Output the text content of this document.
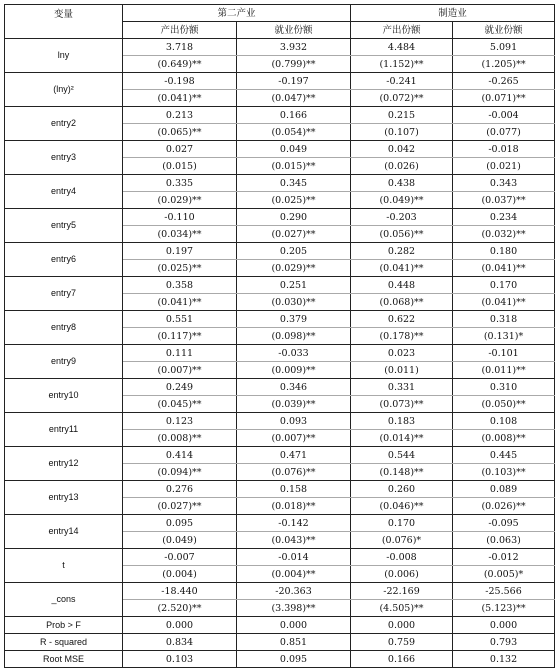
变量	第二产业		制造业	
	产出份额	就业份额	产出份额	就业份额
lny	3.718	3.932	4.484	5.091
	(0.649)**	(0.799)**	(1.152)**	(1.205)**
(lny)²	-0.198	-0.197	-0.241	-0.265
	(0.041)**	(0.047)**	(0.072)**	(0.071)**
entry2	0.213	0.166	0.215	-0.004
	(0.065)**	(0.054)**	(0.107)	(0.077)
entry3	0.027	0.049	0.042	-0.018
	(0.015)	(0.015)**	(0.026)	(0.021)
entry4	0.335	0.345	0.438	0.343
	(0.029)**	(0.025)**	(0.049)**	(0.037)**
entry5	-0.110	0.290	-0.203	0.234
	(0.034)**	(0.027)**	(0.056)**	(0.032)**
entry6	0.197	0.205	0.282	0.180
	(0.025)**	(0.029)**	(0.041)**	(0.041)**
entry7	0.358	0.251	0.448	0.170
	(0.041)**	(0.030)**	(0.068)**	(0.041)**
entry8	0.551	0.379	0.622	0.318
	(0.117)**	(0.098)**	(0.178)**	(0.131)*
entry9	0.111	-0.033	0.023	-0.101
	(0.007)**	(0.009)**	(0.011)	(0.011)**
entry10	0.249	0.346	0.331	0.310
	(0.045)**	(0.039)**	(0.073)**	(0.050)**
entry11	0.123	0.093	0.183	0.108
	(0.008)**	(0.007)**	(0.014)**	(0.008)**
entry12	0.414	0.471	0.544	0.445
	(0.094)**	(0.076)**	(0.148)**	(0.103)**
entry13	0.276	0.158	0.260	0.089
	(0.027)**	(0.018)**	(0.046)**	(0.026)**
entry14	0.095	-0.142	0.170	-0.095
	(0.049)	(0.043)**	(0.076)*	(0.063)
t	-0.007	-0.014	-0.008	-0.012
	(0.004)	(0.004)**	(0.006)	(0.005)*
_cons	-18.440	-20.363	-22.169	-25.566
	(2.520)**	(3.398)**	(4.505)**	(5.123)**
Prob > F	0.000	0.000	0.000	0.000
R - squared	0.834	0.851	0.759	0.793
Root MSE	0.103	0.095	0.166	0.132
